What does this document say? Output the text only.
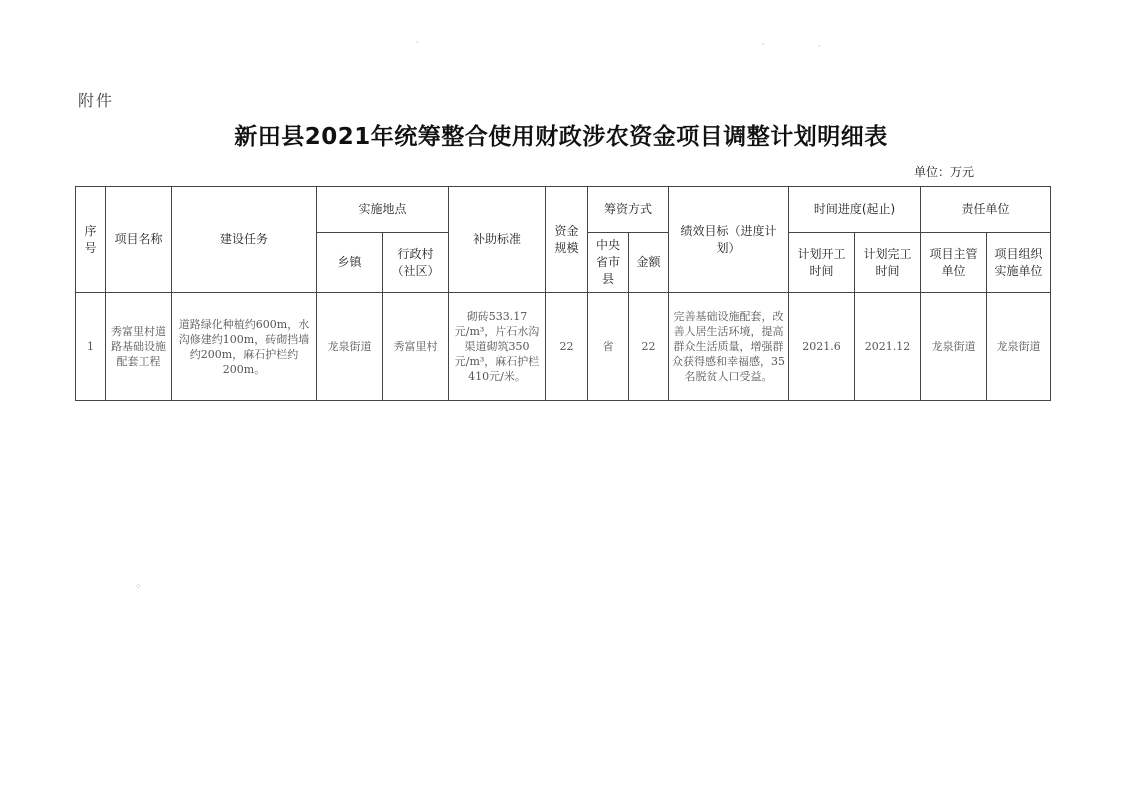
附件
新田县2021年统筹整合使用财政涉农资金项目调整计划明细表
单位：万元
序号	项目名称	建设任务	实施地点		补助标准	资金规模	筹资方式		绩效目标（进度计划）	时间进度(起止)		责任单位	
			乡镇	行政村（社区）			中央省市县	金额		计划开工时间	计划完工时间	项目主管单位	项目组织实施单位
1	秀富里村道路基础设施配套工程	道路绿化种植约600m，水沟修建约100m，砖砌挡墙约200m，麻石护栏约200m。	龙泉街道	秀富里村	砌砖533.17元/m³，片石水沟渠道砌筑350元/m³，麻石护栏410元/米。	22	省	22	完善基础设施配套，改善人居生活环境，提高群众生活质量，增强群众获得感和幸福感，35名脱贫人口受益。	2021.6	2021.12	龙泉街道	龙泉街道
·	·	·
⁘
